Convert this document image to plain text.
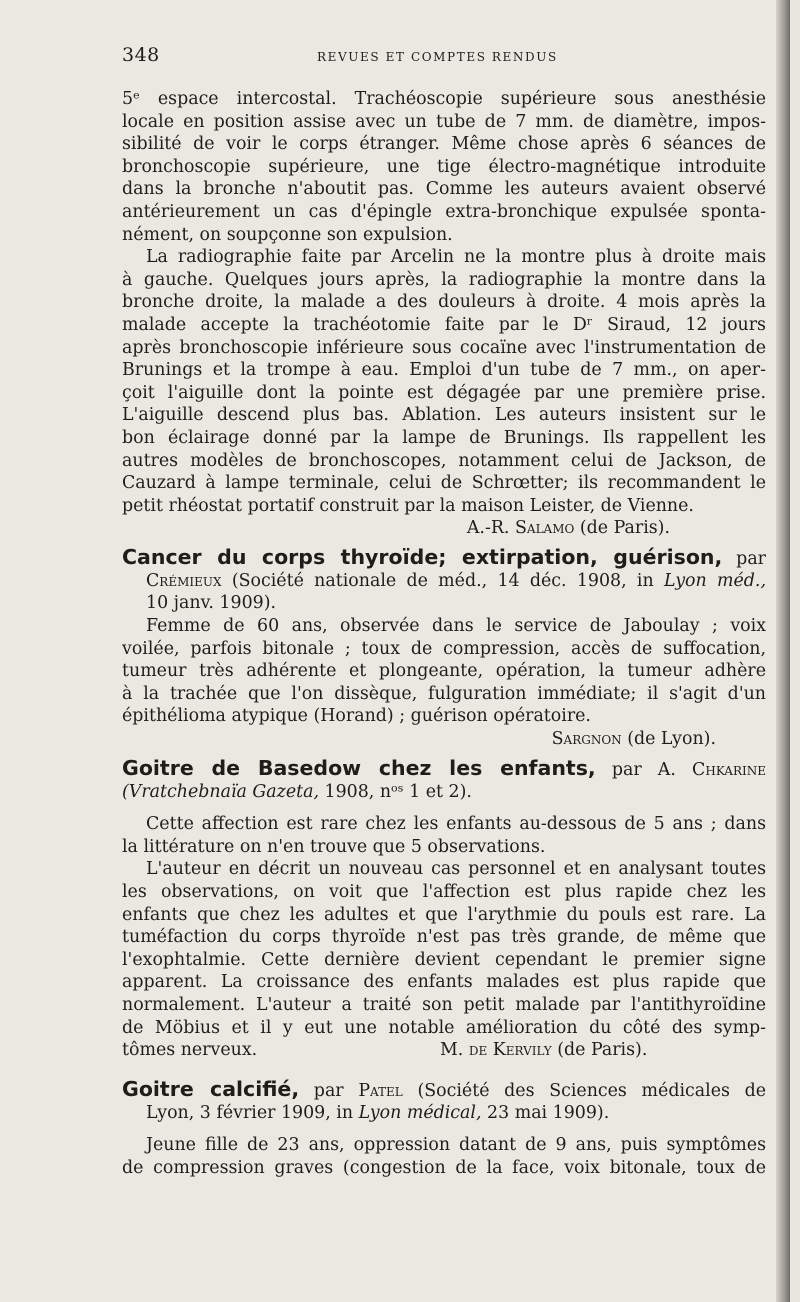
348	REVUES ET COMPTES RENDUS
5ᵉ espace intercostal. Trachéoscopie supérieure sous anesthésie
locale en position assise avec un tube de 7 mm. de diamètre, impos-
sibilité de voir le corps étranger. Même chose après 6 séances de
bronchoscopie supérieure, une tige électro-magnétique introduite
dans la bronche n'aboutit pas. Comme les auteurs avaient observé
antérieurement un cas d'épingle extra-bronchique expulsée sponta-
nément, on soupçonne son expulsion.
La radiographie faite par Arcelin ne la montre plus à droite mais
à gauche. Quelques jours après, la radiographie la montre dans la
bronche droite, la malade a des douleurs à droite. 4 mois après la
malade accepte la trachéotomie faite par le Dʳ Siraud, 12 jours
après bronchoscopie inférieure sous cocaïne avec l'instrumentation de
Brunings et la trompe à eau. Emploi d'un tube de 7 mm., on aper-
çoit l'aiguille dont la pointe est dégagée par une première prise.
L'aiguille descend plus bas. Ablation. Les auteurs insistent sur le
bon éclairage donné par la lampe de Brunings. Ils rappellent les
autres modèles de bronchoscopes, notamment celui de Jackson, de
Cauzard à lampe terminale, celui de Schrœtter; ils recommandent le
petit rhéostat portatif construit par la maison Leister, de Vienne.
A.-R. Salamo (de Paris).
Cancer du corps thyroïde; extirpation, guérison, par
Crémieux (Société nationale de méd., 14 déc. 1908, in Lyon méd.,
10 janv. 1909).
Femme de 60 ans, observée dans le service de Jaboulay ; voix
voilée, parfois bitonale ; toux de compression, accès de suffocation,
tumeur très adhérente et plongeante, opération, la tumeur adhère
à la trachée que l'on dissèque, fulguration immédiate; il s'agit d'un
épithélioma atypique (Horand) ; guérison opératoire.
Sargnon (de Lyon).
Goitre de Basedow chez les enfants, par A. Chkarine
(Vratchebnaïa Gazeta, 1908, nᵒˢ 1 et 2).
Cette affection est rare chez les enfants au-dessous de 5 ans ; dans
la littérature on n'en trouve que 5 observations.
L'auteur en décrit un nouveau cas personnel et en analysant toutes
les observations, on voit que l'affection est plus rapide chez les
enfants que chez les adultes et que l'arythmie du pouls est rare. La
tuméfaction du corps thyroïde n'est pas très grande, de même que
l'exophtalmie. Cette dernière devient cependant le premier signe
apparent. La croissance des enfants malades est plus rapide que
normalement. L'auteur a traité son petit malade par l'antithyroïdine
de Möbius et il y eut une notable amélioration du côté des symp-
tômes nerveux.	M. de Kervily (de Paris).
Goitre calcifié, par Patel (Société des Sciences médicales de
Lyon, 3 février 1909, in Lyon médical, 23 mai 1909).
Jeune fille de 23 ans, oppression datant de 9 ans, puis symptômes
de compression graves (congestion de la face, voix bitonale, toux de
